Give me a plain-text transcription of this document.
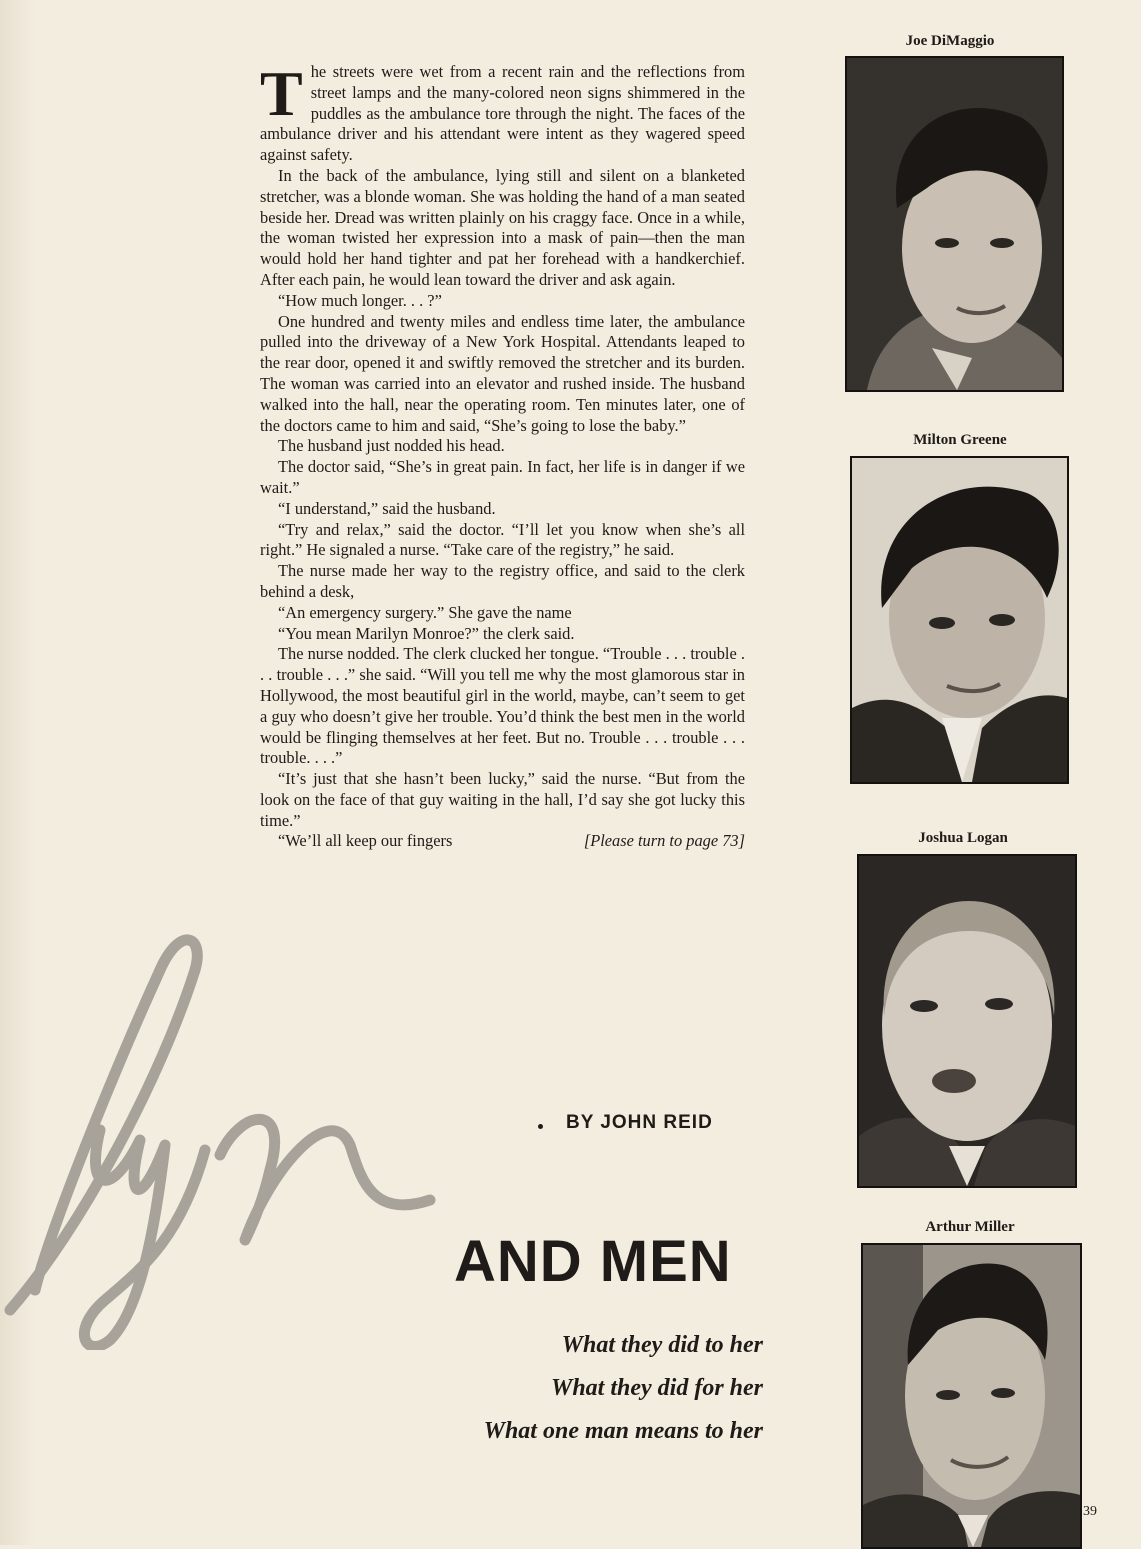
The streets were wet from a recent rain and the reflections from street lamps and the many-colored neon signs shimmered in the puddles as the ambulance tore through the night. The faces of the ambulance driver and his attendant were intent as they wagered speed against safety.

In the back of the ambulance, lying still and silent on a blanketed stretcher, was a blonde woman. She was holding the hand of a man seated beside her. Dread was written plainly on his craggy face. Once in a while, the woman twisted her expression into a mask of pain—then the man would hold her hand tighter and pat her forehead with a handkerchief. After each pain, he would lean toward the driver and ask again.

“How much longer. . . ?”

One hundred and twenty miles and endless time later, the ambulance pulled into the driveway of a New York Hospital. Attendants leaped to the rear door, opened it and swiftly removed the stretcher and its burden. The woman was carried into an elevator and rushed inside. The husband walked into the hall, near the operating room. Ten minutes later, one of the doctors came to him and said, “She’s going to lose the baby.”

The husband just nodded his head.

The doctor said, “She’s in great pain. In fact, her life is in danger if we wait.”

“I understand,” said the husband.

“Try and relax,” said the doctor. “I’ll let you know when she’s all right.” He signaled a nurse. “Take care of the registry,” he said.

The nurse made her way to the registry office, and said to the clerk behind a desk,

“An emergency surgery.” She gave the name

“You mean Marilyn Monroe?” the clerk said.

The nurse nodded. The clerk clucked her tongue. “Trouble . . . trouble . . . trouble . . .” she said. “Will you tell me why the most glamorous star in Hollywood, the most beautiful girl in the world, maybe, can’t seem to get a guy who doesn’t give her trouble. You’d think the best men in the world would be flinging themselves at her feet. But no. Trouble . . . trouble . . . trouble. . . .”

“It’s just that she hasn’t been lucky,” said the nurse. “But from the look on the face of that guy waiting in the hall, I’d say she got lucky this time.”

“We’ll all keep our fingers	[Please turn to page 73]

BY JOHN REID
AND MEN
What they did to her
What they did for her
What one man means to her
Joe DiMaggio
Milton Greene
Joshua Logan
Arthur Miller
39
